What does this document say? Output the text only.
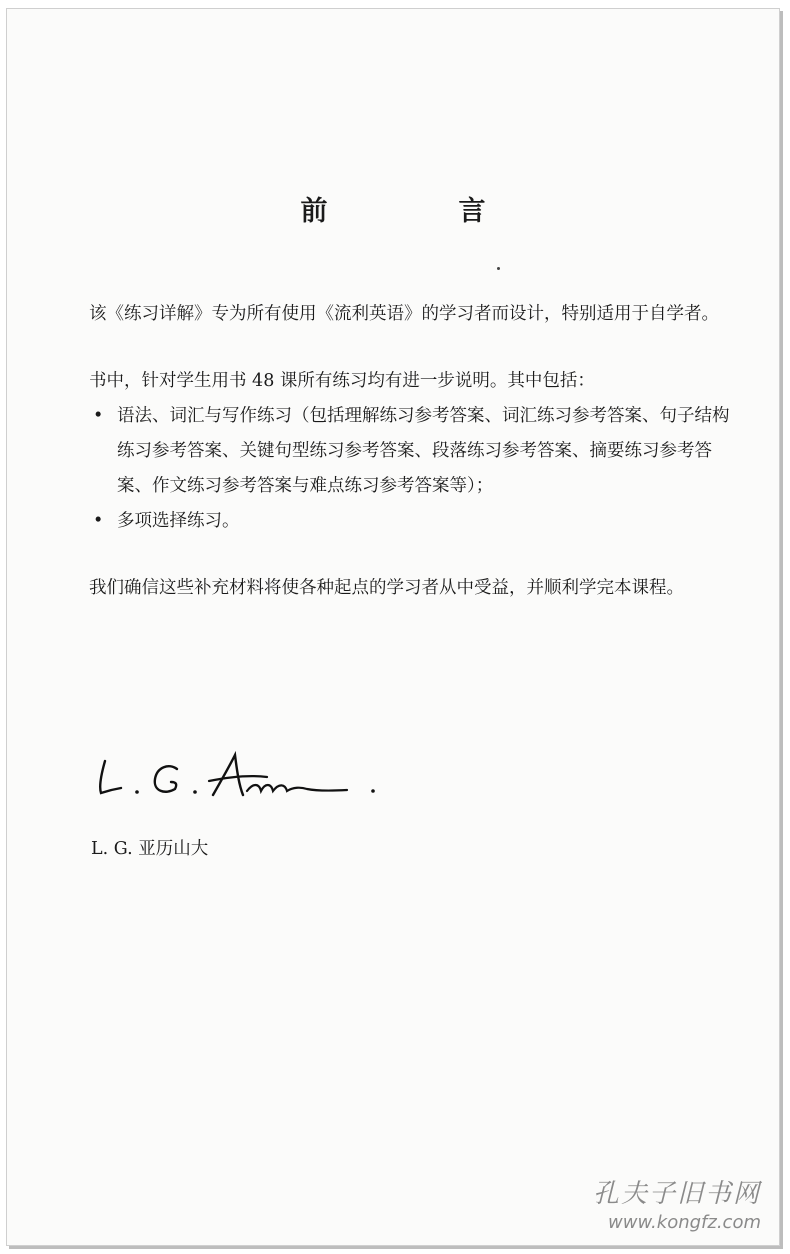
前　言

该《练习详解》专为所有使用《流利英语》的学习者而设计，特别适用于自学者。

书中，针对学生用书 48 课所有练习均有进一步说明。其中包括：

• 语法、词汇与写作练习（包括理解练习参考答案、词汇练习参考答案、句子结构练习参考答案、关键句型练习参考答案、段落练习参考答案、摘要练习参考答案、作文练习参考答案与难点练习参考答案等）；

• 多项选择练习。

我们确信这些补充材料将使各种起点的学习者从中受益，并顺利学完本课程。

L. G. 亚历山大
孔夫子旧书网
www.kongfz.com
